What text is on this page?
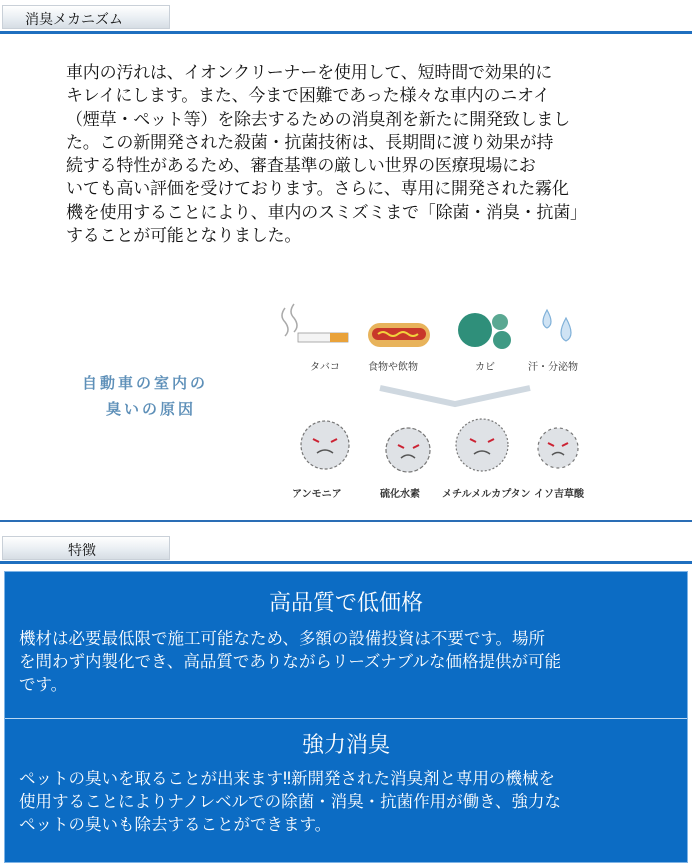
消臭メカニズム
車内の汚れは、イオンクリーナーを使用して、短時間で効果的に
キレイにします。また、今まで困難であった様々な車内のニオイ
（煙草・ペット等）を除去するための消臭剤を新たに開発致しまし
た。この新開発された殺菌・抗菌技術は、長期間に渡り効果が持
続する特性があるため、審査基準の厳しい世界の医療現場にお
いても高い評価を受けております。さらに、専用に開発された霧化
機を使用することにより、車内のスミズミまで「除菌・消臭・抗菌」
することが可能となりました。
自動車の室内の
臭いの原因
タバコ	食物や飲物	カビ	汗・分泌物
アンモニア	硫化水素 メチルメルカプタン イソ吉草酸
特徴
高品質で低価格
機材は必要最低限で施工可能なため、多額の設備投資は不要です。場所
を問わず内製化でき、高品質でありながらリーズナブルな価格提供が可能
です。
強力消臭
ペットの臭いを取ることが出来ます‼新開発された消臭剤と専用の機械を
使用することによりナノレベルでの除菌・消臭・抗菌作用が働き、強力な
ペットの臭いも除去することができます。
